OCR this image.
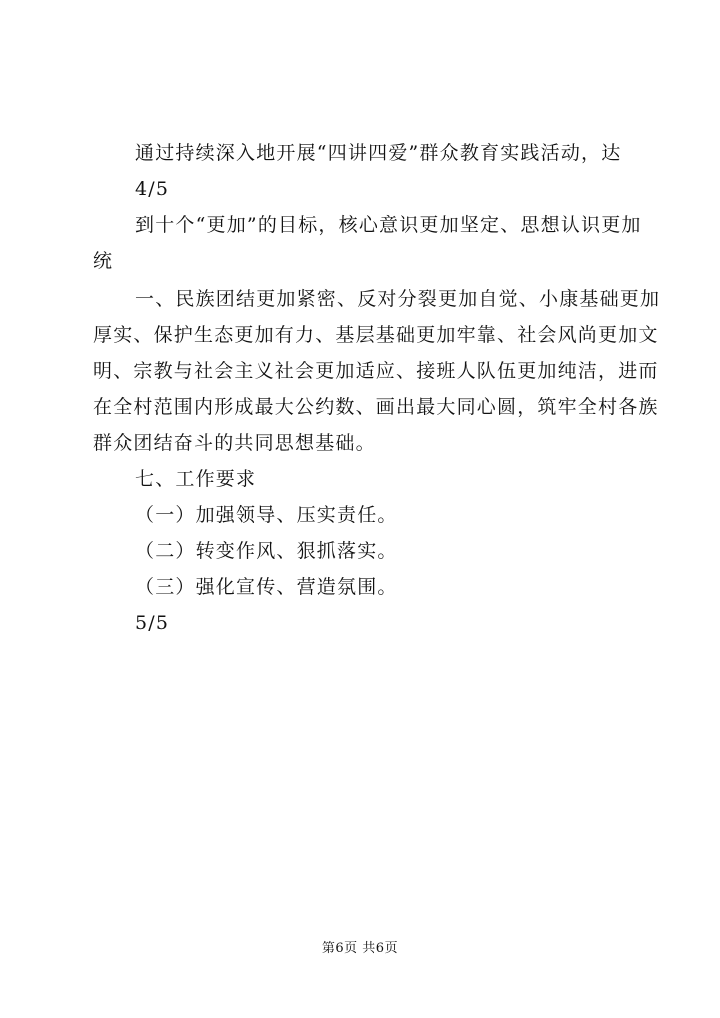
通过持续深入地开展“四讲四爱”群众教育实践活动，达
4/5
到十个“更加”的目标，核心意识更加坚定、思想认识更加
统
一、民族团结更加紧密、反对分裂更加自觉、小康基础更加
厚实、保护生态更加有力、基层基础更加牢靠、社会风尚更加文
明、宗教与社会主义社会更加适应、接班人队伍更加纯洁，进而
在全村范围内形成最大公约数、画出最大同心圆，筑牢全村各族
群众团结奋斗的共同思想基础。
七、工作要求
（一）加强领导、压实责任。
（二）转变作风、狠抓落实。
（三）强化宣传、营造氛围。
5/5
第6页 共6页
